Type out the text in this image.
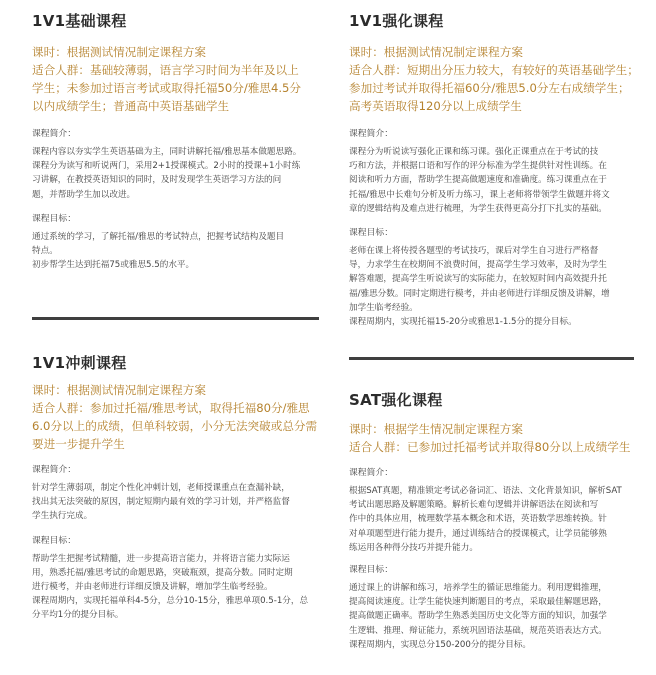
1V1基础课程

课时：根据测试情况制定课程方案

适合人群：基础较薄弱，语言学习时间为半年及以上

学生；未参加过语言考试或取得托福50分/雅思4.5分

以内成绩学生；普通高中英语基础学生

课程简介：

课程内容以夯实学生英语基础为主，同时讲解托福/雅思基本做题思路。

课程分为读写和听说两门，采用2+1授课模式。2小时的授课+1小时练

习讲解，在教授英语知识的同时，及时发现学生英语学习方法的问

题，并帮助学生加以改进。

课程目标：

通过系统的学习，了解托福/雅思的考试特点，把握考试结构及题目

特点。

初步帮学生达到托福75或雅思5.5的水平。

1V1强化课程

课时：根据测试情况制定课程方案

适合人群：短期出分压力较大，有较好的英语基础学生；

参加过考试并取得托福60分/雅思5.0分左右成绩学生；

高考英语取得120分以上成绩学生

课程简介：

课程分为听说读写强化正课和练习课。强化正课重点在于考试的技

巧和方法，并根据口语和写作的评分标准为学生提供针对性训练。在

阅读和听力方面，帮助学生提高做题速度和准确度。练习课重点在于

托福/雅思中长难句分析及听力练习，课上老师将带领学生做题并将文

章的逻辑结构及难点进行梳理，为学生获得更高分打下扎实的基础。

课程目标：

老师在课上将传授各题型的考试技巧，课后对学生自习进行严格督

导，力求学生在校期间不浪费时间，提高学生学习效率，及时为学生

解答难题，提高学生听说读写的实际能力，在较短时间内高效提升托

福/雅思分数。同时定期进行模考，并由老师进行详细反馈及讲解，增

加学生临考经验。

课程周期内，实现托福15-20分或雅思1-1.5分的提分目标。

1V1冲刺课程

课时：根据测试情况制定课程方案

适合人群：参加过托福/雅思考试，取得托福80分/雅思

6.0分以上的成绩，但单科较弱，小分无法突破或总分需

要进一步提升学生

课程简介：

针对学生薄弱项，制定个性化冲刺计划，老师授课重点在查漏补缺，

找出其无法突破的原因，制定短期内最有效的学习计划，并严格监督

学生执行完成。

课程目标：

帮助学生把握考试精髓，进一步提高语言能力，并将语言能力实际运

用，熟悉托福/雅思考试的命题思路，突破瓶颈，提高分数。同时定期

进行模考，并由老师进行详细反馈及讲解，增加学生临考经验。

课程周期内，实现托福单科4-5分，总分10-15分，雅思单项0.5-1分，总

分平均1分的提分目标。

SAT强化课程

课时：根据学生情况制定课程方案

适合人群：已参加过托福考试并取得80分以上成绩学生

课程简介：

根据SAT真题，精准锁定考试必备词汇、语法、文化背景知识，解析SAT

考试出题思路及解题策略。解析长难句逻辑并讲解语法在阅读和写

作中的具体应用，梳理数学基本概念和术语，英语数学思维转换。针

对单项题型进行能力提升，通过训练结合的授课模式，让学员能够熟

练运用各种得分技巧并提升能力。

课程目标：

通过课上的讲解和练习，培养学生的循证思维能力。利用逻辑推理，

提高阅读速度。让学生能快速判断题目的考点，采取最佳解题思路，

提高做题正确率。帮助学生熟悉美国历史文化等方面的知识，加强学

生逻辑、推理、辩证能力，系统巩固语法基础，规范英语表达方式。

课程周期内，实现总分150-200分的提分目标。
